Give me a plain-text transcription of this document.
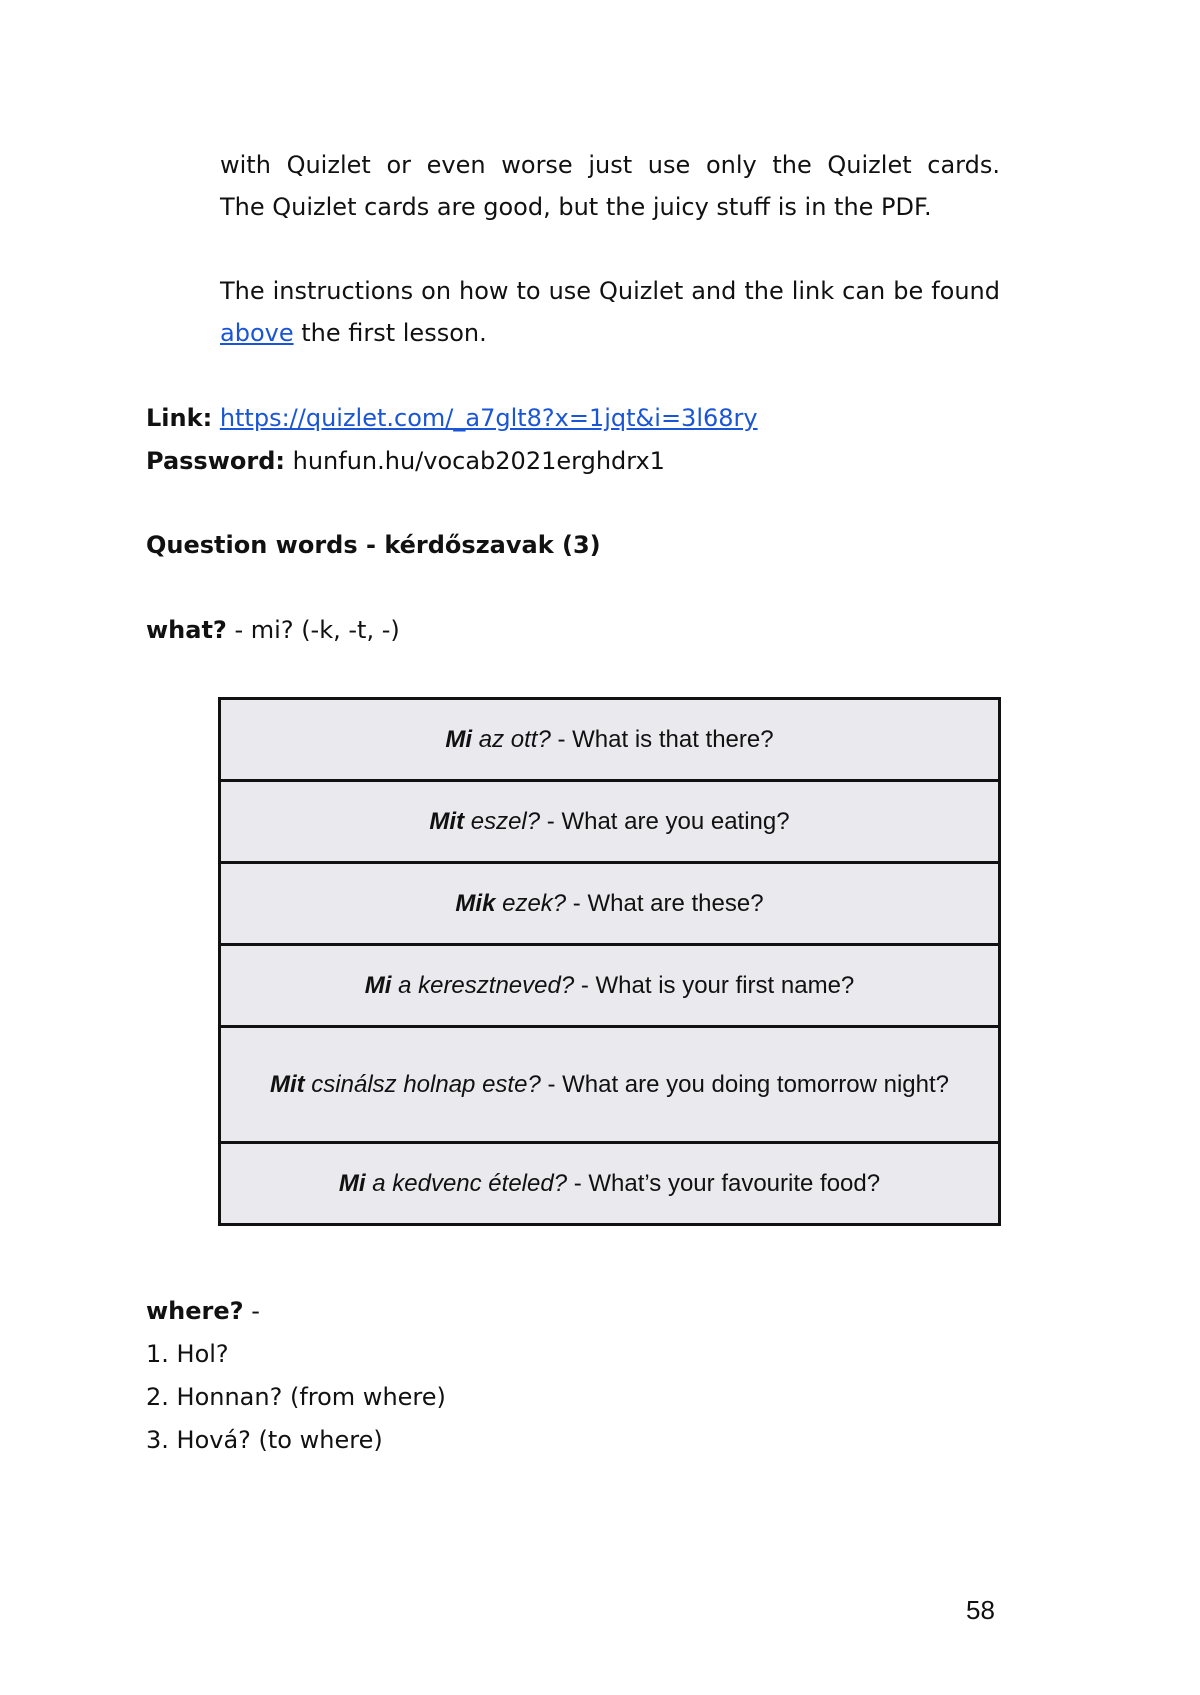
with Quizlet or even worse just use only the Quizlet cards.
The Quizlet cards are good, but the juicy stuff is in the PDF.
The instructions on how to use Quizlet and the link can be found above the first lesson.
Link: https://quizlet.com/_a7glt8?x=1jqt&i=3l68ry
Password: hunfun.hu/vocab2021erghdrx1
Question words - kérdőszavak (3)
what? - mi? (-k, -t, -)
Mi az ott? - What is that there?
Mit eszel? - What are you eating?
Mik ezek? - What are these?
Mi a keresztneved? - What is your first name?
Mit csinálsz holnap este? - What are you doing tomorrow night?
Mi a kedvenc ételed? - What’s your favourite food?
where? -
1. Hol?
2. Honnan? (from where)
3. Hová? (to where)
58
